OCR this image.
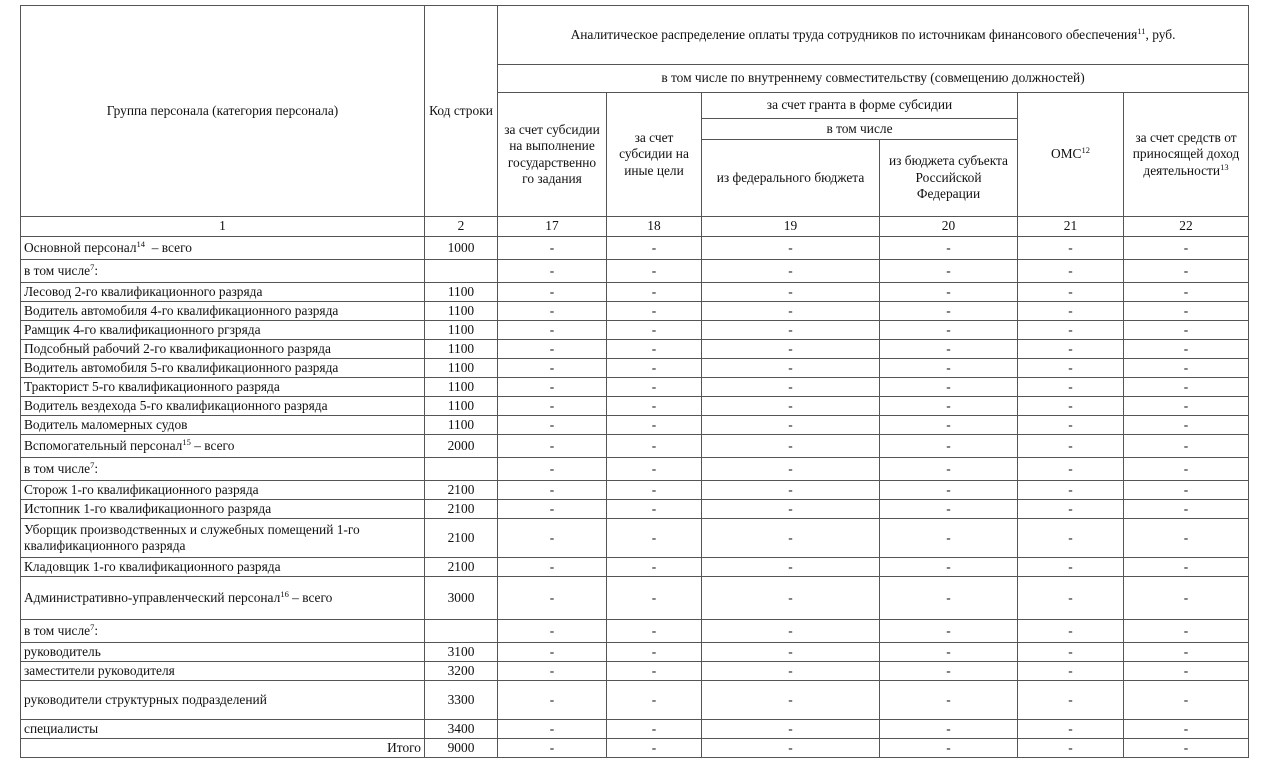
Группа персонала (категория персонала)	Код строки	Аналитическое распределение оплаты труда сотрудников по источникам финансового обеспечения$^{11}$, руб.					
		в том числе по внутреннему совместительству (совмещению должностей)					
		за счет субсидии на выполнение государственно го задания	за счет субсидии на иные цели	за счет гранта в форме субсидии		ОМС$^{12}$	за счет средств от приносящей доход деятельности$^{13}$
				в том числе			
				из федерального бюджета	из бюджета субъекта Российской Федерации		
1	2	17	18	19	20	21	22
Основной персонал$^{14}$  – всего	1000	-	-	-	-	-	-
в том числе$^7$:		-	-	-	-	-	-
Лесовод 2-го квалификационного разряда	1100	-	-	-	-	-	-
Водитель автомобиля 4-го квалификационного разряда	1100	-	-	-	-	-	-
Рамщик 4-го квалификационного ргзряда	1100	-	-	-	-	-	-
Подсобный рабочий 2-го квалификационного разряда	1100	-	-	-	-	-	-
Водитель автомобиля 5-го квалификационного разряда	1100	-	-	-	-	-	-
Тракторист 5-го квалификационного разряда	1100	-	-	-	-	-	-
Водитель вездехода 5-го квалификационного разряда	1100	-	-	-	-	-	-
Водитель маломерных судов	1100	-	-	-	-	-	-
Вспомогательный персонал$^{15}$ – всего	2000	-	-	-	-	-	-
в том числе$^7$:		-	-	-	-	-	-
Сторож 1-го квалификационного разряда	2100	-	-	-	-	-	-
Истопник 1-го квалификационного разряда	2100	-	-	-	-	-	-
Уборщик производственных и служебных помещений 1-го квалификационного разряда	2100	-	-	-	-	-	-
Кладовщик 1-го квалификационного разряда	2100	-	-	-	-	-	-
Административно-управленческий персонал$^{16}$ – всего	3000	-	-	-	-	-	-
в том числе$^7$:		-	-	-	-	-	-
руководитель	3100	-	-	-	-	-	-
заместители руководителя	3200	-	-	-	-	-	-
руководители структурных подразделений	3300	-	-	-	-	-	-
специалисты	3400	-	-	-	-	-	-
Итого	9000	-	-	-	-	-	-
